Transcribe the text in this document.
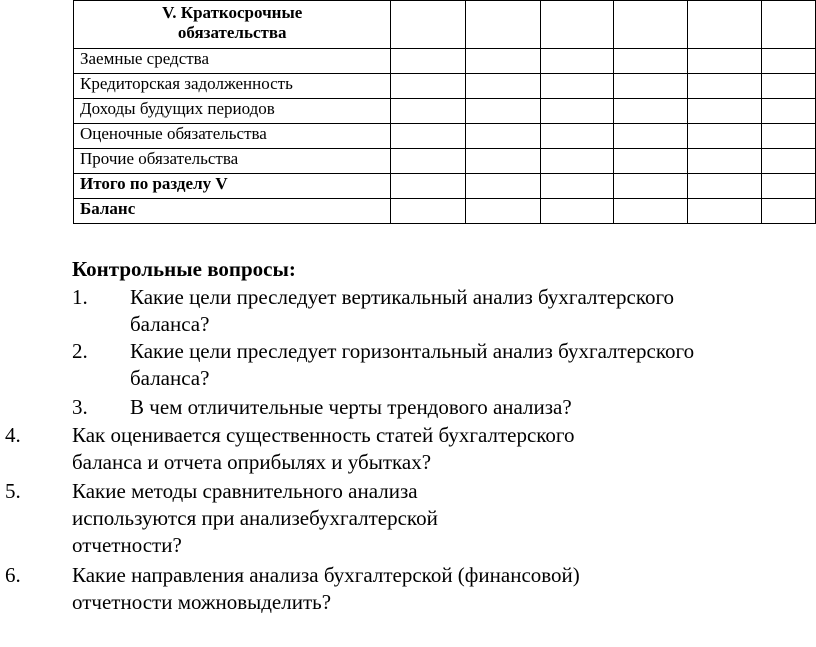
V. Краткосрочные
обязательства						

Заемные средства						
Кредиторская задолженность						
Доходы будущих периодов						
Оценочные обязательства						
Прочие обязательства						
Итого по разделу V						
Баланс						
Контрольные вопросы:
1. Какие цели преследует вертикальный анализ бухгалтерского
баланса?
2. Какие цели преследует горизонтальный анализ бухгалтерского
баланса?
3. В чем отличительные черты трендового анализа?
4. Как оценивается существенность статей бухгалтерского
баланса и отчета оприбылях и убытках?
5. Какие методы сравнительного анализа
используются при анализебухгалтерской
отчетности?
6. Какие направления анализа бухгалтерской (финансовой)
отчетности можновыделить?
